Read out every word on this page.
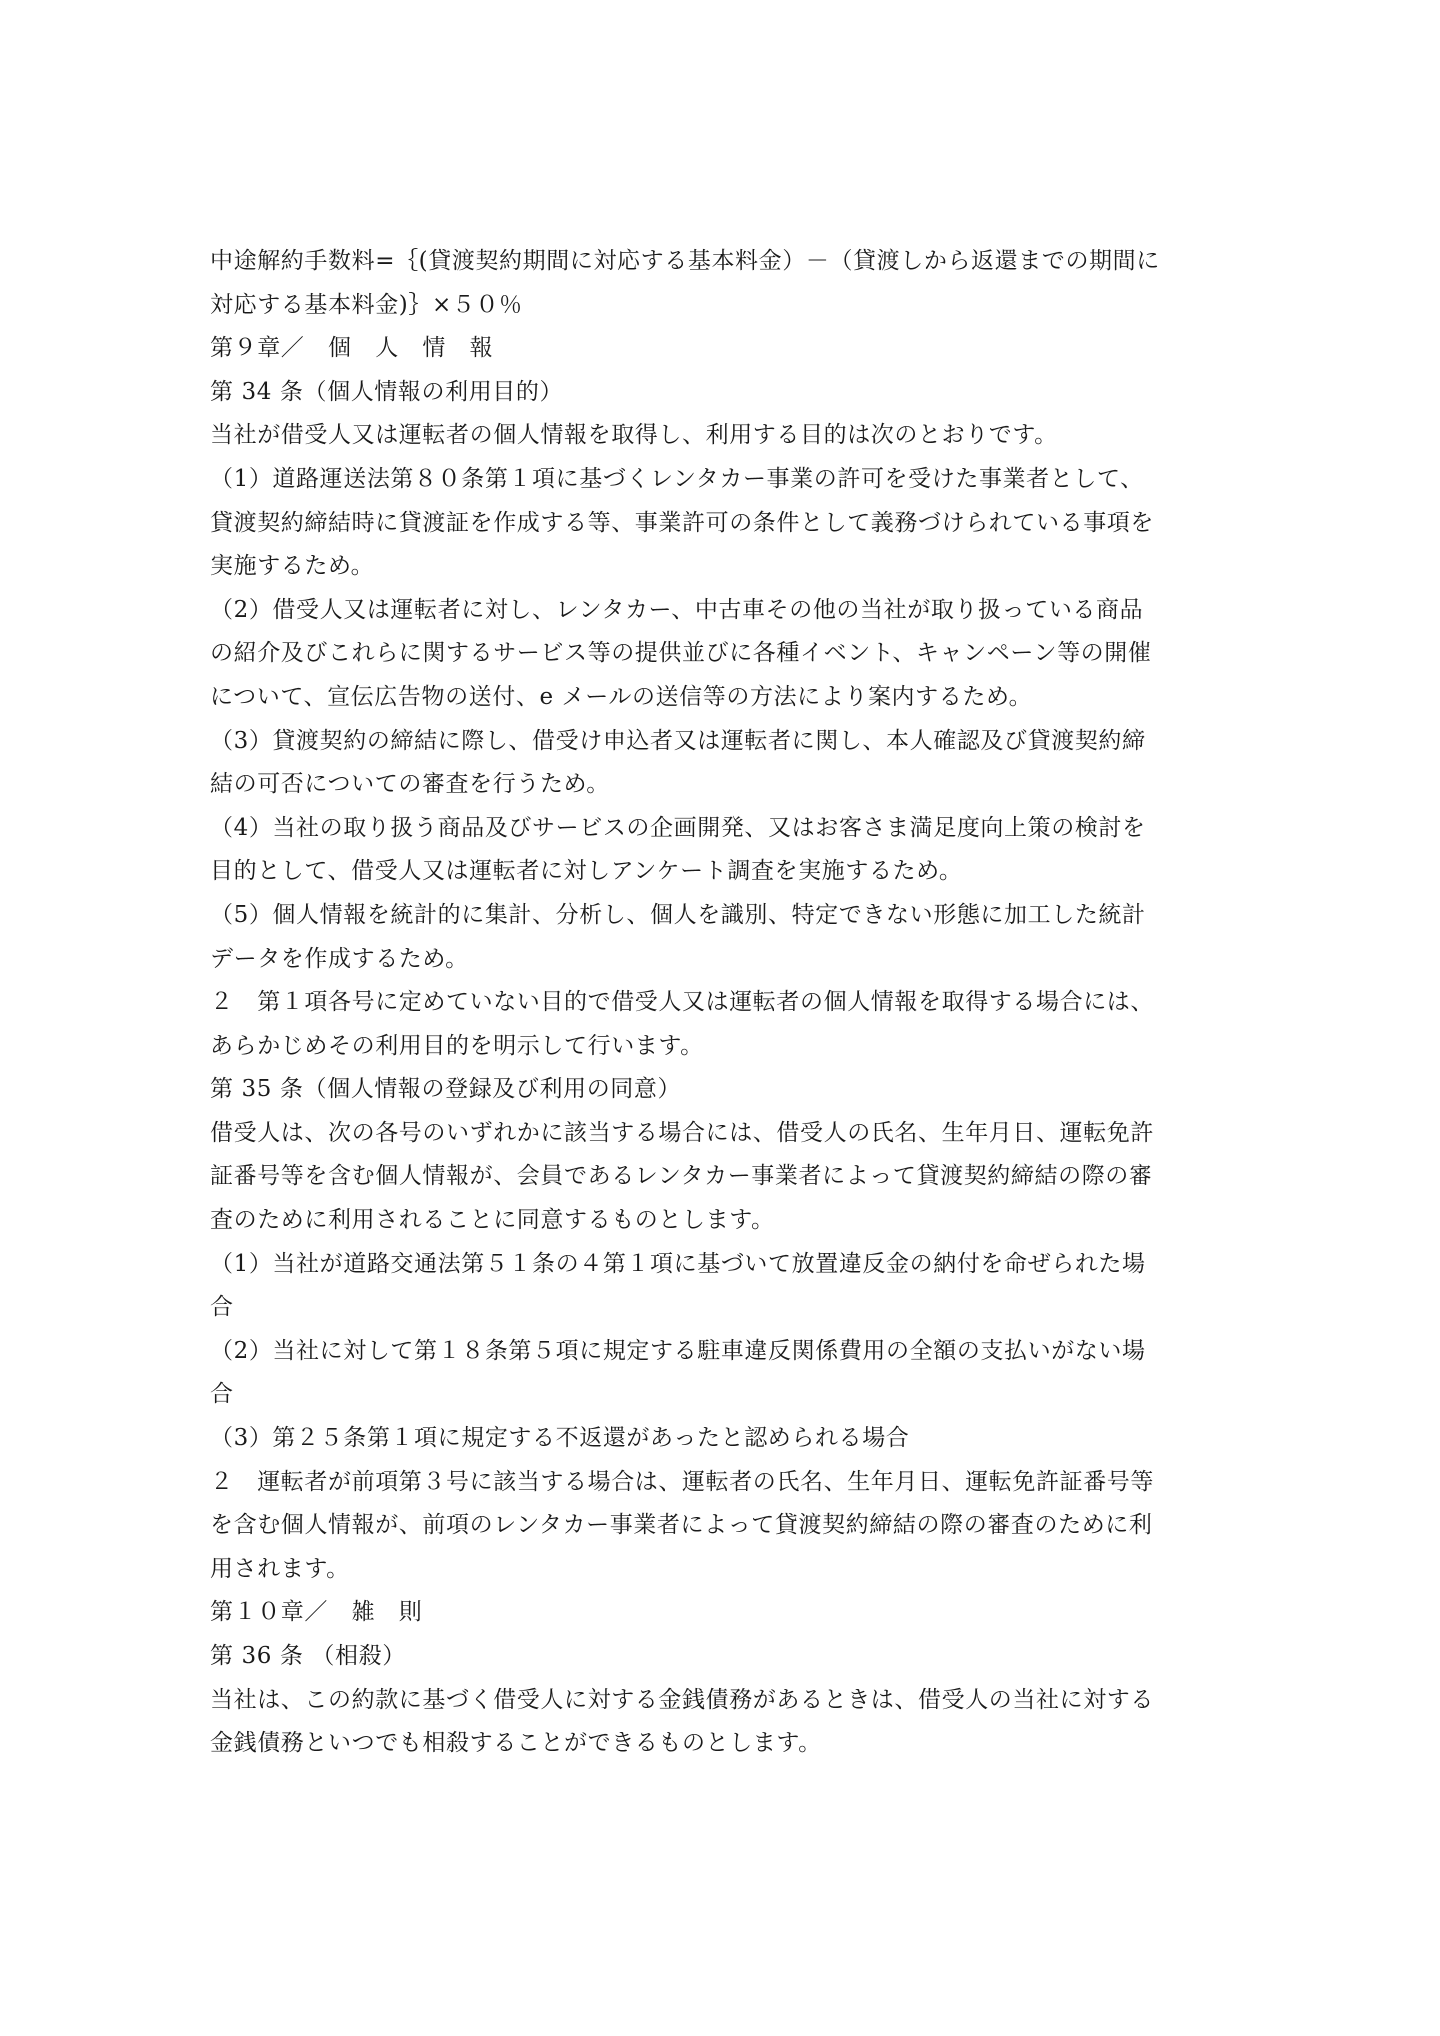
中途解約手数料=｛(貸渡契約期間に対応する基本料金）－（貸渡しから返還までの期間に
対応する基本料金)｝×５０％
第９章／　個　人　情　報
第 34 条（個人情報の利用目的）
当社が借受人又は運転者の個人情報を取得し、利用する目的は次のとおりです。
（1）道路運送法第８０条第１項に基づくレンタカー事業の許可を受けた事業者として、
貸渡契約締結時に貸渡証を作成する等、事業許可の条件として義務づけられている事項を
実施するため。
（2）借受人又は運転者に対し、レンタカー、中古車その他の当社が取り扱っている商品
の紹介及びこれらに関するサービス等の提供並びに各種イベント、キャンペーン等の開催
について、宣伝広告物の送付、e メールの送信等の方法により案内するため。
（3）貸渡契約の締結に際し、借受け申込者又は運転者に関し、本人確認及び貸渡契約締
結の可否についての審査を行うため。
（4）当社の取り扱う商品及びサービスの企画開発、又はお客さま満足度向上策の検討を
目的として、借受人又は運転者に対しアンケート調査を実施するため。
（5）個人情報を統計的に集計、分析し、個人を識別、特定できない形態に加工した統計
データを作成するため。
２　第１項各号に定めていない目的で借受人又は運転者の個人情報を取得する場合には、
あらかじめその利用目的を明示して行います。
第 35 条（個人情報の登録及び利用の同意）
借受人は、次の各号のいずれかに該当する場合には、借受人の氏名、生年月日、運転免許
証番号等を含む個人情報が、会員であるレンタカー事業者によって貸渡契約締結の際の審
査のために利用されることに同意するものとします。
（1）当社が道路交通法第５１条の４第１項に基づいて放置違反金の納付を命ぜられた場
合
（2）当社に対して第１８条第５項に規定する駐車違反関係費用の全額の支払いがない場
合
（3）第２５条第１項に規定する不返還があったと認められる場合
２　運転者が前項第３号に該当する場合は、運転者の氏名、生年月日、運転免許証番号等
を含む個人情報が、前項のレンタカー事業者によって貸渡契約締結の際の審査のために利
用されます。
第１０章／　雑　則
第 36 条 （相殺）
当社は、この約款に基づく借受人に対する金銭債務があるときは、借受人の当社に対する
金銭債務といつでも相殺することができるものとします。
